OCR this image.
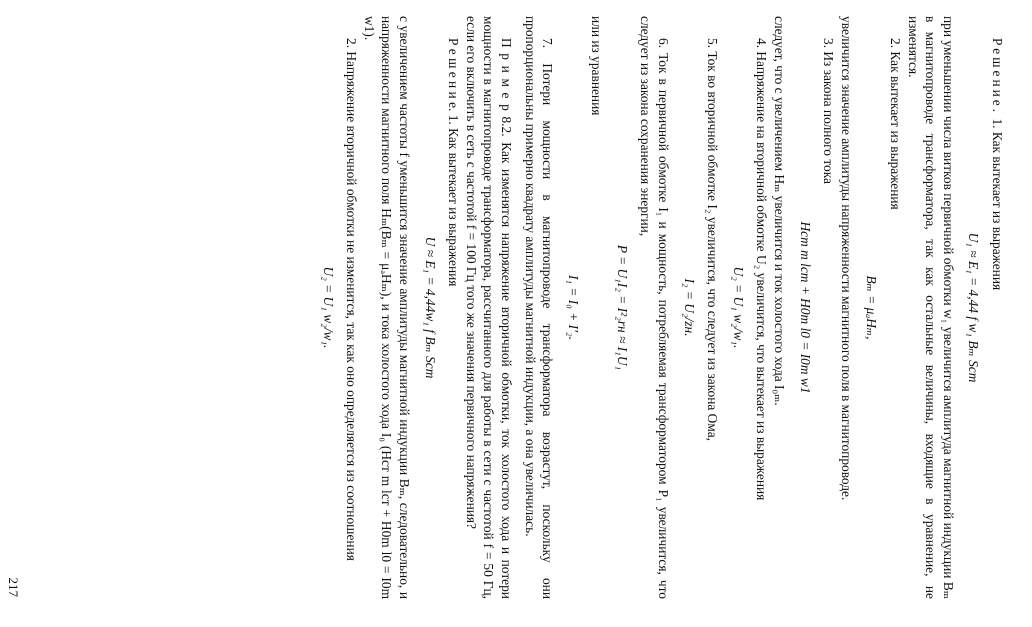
Решение. 1. Как вытекает из выражения

U₁ ≈ E₁ = 4,44 f w₁ Bₘ Sст

при уменьшении числа витков первичной обмотки w₁ увеличится амплитуда магнитной индукции Bₘ в магнитопроводе трансформатора, так как остальные величины, входящие в уравнение, не изменятся.

2. Как вытекает из выражения

Bₘ = μₐHₘ,

увеличится значение амплитуды напряженности магнитного поля в магнитопроводе.

3. Из закона полного тока

Hст m lст + H0m l0 = I0m w1

следует, что с увеличением Hₘ увеличится и ток холостого хода I₀ₘ.

4. Напряжение на вторичной обмотке U₂ увеличится, что вытекает из выражения

U₂ = U₁ w₂/w₁.

5. Ток во вторичной обмотке I₂ увеличится, что следует из закона Ома,

I₂ = U₂/zн.

6. Ток в первичной обмотке I₁ и мощность, потребляемая трансформатором P₁ увеличится, что следует из закона сохранения энергии,

P = U₁I₂ = I²₂rн ≈ I₁U₁

или из уравнения

I₁ = I₀ + I′₂.

7. Потери мощности в магнитопроводе трансформатора возрастут, поскольку они пропорциональны примерно квадрату амплитуды магнитной индукции, а она увеличилась.

П р и м е р 8.2. Как изменятся напряжение вторичной обмотки, ток холостого хода и потери мощности в магнитопроводе трансформатора, рассчитанного для работы в сети с частотой f = 50 Гц, если его включить в сеть с частотой f = 100 Гц того же значения первичного напряжения?

Р е ш е н и е. 1. Как вытекает из выражения

U ≈ E₁ = 4,44w₁ f Bₘ Sст

с увеличением частоты f уменьшится значение амплитуды магнитной индукции Bₘ, следовательно, и напряженности магнитного поля Hₘ(Bₘ = μₐHₘ), и тока холостого хода I₀ (Hст m lст + H0m l0 = I0m w1).

2. Напряжение вторичной обмотки не изменится, так как оно определяется из соотношения

U₂ = U₁ w₂/w₁.
217
